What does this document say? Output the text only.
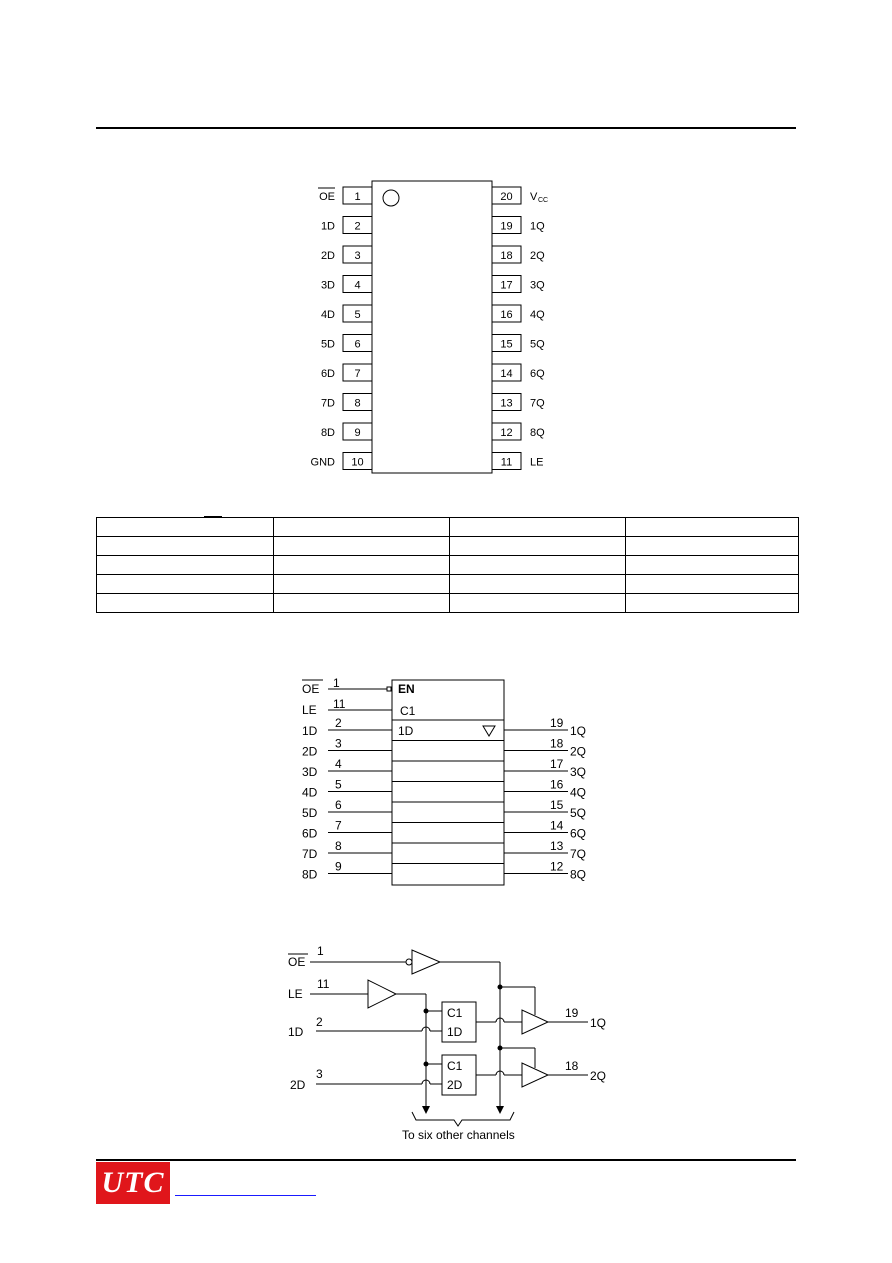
1
OE
2
1D
3
2D
4
3D
5
4D
6
5D
7
6D
8
7D
9
8D
10
GND
20 V CC
19 1Q
18 2Q
17 3Q
16 4Q
15 5Q
14 6Q
13 7Q
12 8Q
11 LE

EN
C1
1D
OE 1
LE 11
1D
2
2D
3
3D
4
4D
5
5D
6
6D
7
7D
8
8D
9
1Q
19
2Q
18
3Q
17
4Q
16
5Q
15
6Q
14
7Q
13
8Q
12
OE
1
LE
11
1D
2
C1
1D
19
1Q
2D
3
C1
2D
18
2Q
To six other channels
UTC
